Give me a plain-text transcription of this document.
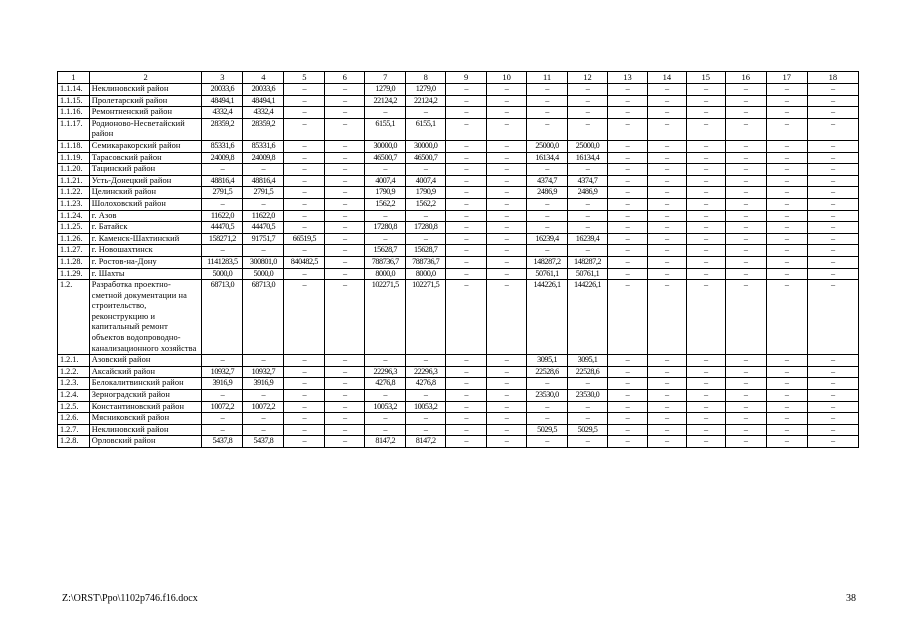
1	2	3	4	5	6	7	8	9	10	11	12	13	14	15	16	17	18
1.1.14.	Неклиновский район	20033,6	20033,6	–	–	1279,0	1279,0	–	–	–	–	–	–	–	–	–	–
1.1.15.	Пролетарский район	48494,1	48494,1	–	–	22124,2	22124,2	–	–	–	–	–	–	–	–	–	–
1.1.16.	Ремонтненский район	4332,4	4332,4	–	–	–	–	–	–	–	–	–	–	–	–	–	–
1.1.17.	Родионово-Несветайский район	28359,2	28359,2	–	–	6155,1	6155,1	–	–	–	–	–	–	–	–	–	–
1.1.18.	Семикаракорский район	85331,6	85331,6	–	–	30000,0	30000,0	–	–	25000,0	25000,0	–	–	–	–	–	–
1.1.19.	Тарасовский район	24009,8	24009,8	–	–	46500,7	46500,7	–	–	16134,4	16134,4	–	–	–	–	–	–
1.1.20.	Тацинский район	–	–	–	–	–	–	–	–	–	–	–	–	–	–	–	–
1.1.21.	Усть-Донецкий район	48816,4	48816,4	–	–	4007,4	4007,4	–	–	4374,7	4374,7	–	–	–	–	–	–
1.1.22.	Целинский район	2791,5	2791,5	–	–	1790,9	1790,9	–	–	2486,9	2486,9	–	–	–	–	–	–
1.1.23.	Шолоховский район	–	–	–	–	1562,2	1562,2	–	–	–	–	–	–	–	–	–	–
1.1.24.	г. Азов	11622,0	11622,0	–	–	–	–	–	–	–	–	–	–	–	–	–	–
1.1.25.	г. Батайск	44470,5	44470,5	–	–	17280,8	17280,8	–	–	–	–	–	–	–	–	–	–
1.1.26.	г. Каменск-Шахтинский	158271,2	91751,7	66519,5	–	–	–	–	–	16239,4	16239,4	–	–	–	–	–	–
1.1.27.	г. Новошахтинск	–	–	–	–	15628,7	15628,7	–	–	–	–	–	–	–	–	–	–
1.1.28.	г. Ростов-на-Дону	1141283,5	300801,0	840482,5	–	788736,7	788736,7	–	–	148287,2	148287,2	–	–	–	–	–	–
1.1.29.	г. Шахты	5000,0	5000,0	–	–	8000,0	8000,0	–	–	50761,1	50761,1	–	–	–	–	–	–
1.2.	Разработка проектно-сметной документации на строительство, реконструкцию и капитальный ремонт объектов водопроводно-канализационного хозяйства	68713,0	68713,0	–	–	102271,5	102271,5	–	–	144226,1	144226,1	–	–	–	–	–	–
1.2.1.	Азовский район	–	–	–	–	–	–	–	–	3095,1	3095,1	–	–	–	–	–	–
1.2.2.	Аксайский район	10932,7	10932,7	–	–	22296,3	22296,3	–	–	22528,6	22528,6	–	–	–	–	–	–
1.2.3.	Белокалитвинский район	3916,9	3916,9	–	–	4276,8	4276,8	–	–	–	–	–	–	–	–	–	–
1.2.4.	Зерноградский район	–	–	–	–	–	–	–	–	23530,0	23530,0	–	–	–	–	–	–
1.2.5.	Константиновский район	10072,2	10072,2	–	–	10053,2	10053,2	–	–	–	–	–	–	–	–	–	–
1.2.6.	Мясниковский район	–	–	–	–	–	–	–	–	–	–	–	–	–	–	–	–
1.2.7.	Неклиновский район	–	–	–	–	–	–	–	–	5029,5	5029,5	–	–	–	–	–	–
1.2.8.	Орловский район	5437,8	5437,8	–	–	8147,2	8147,2	–	–	–	–	–	–	–	–	–	–
Z:\ORST\Ppo\1102p746.f16.docx	38
